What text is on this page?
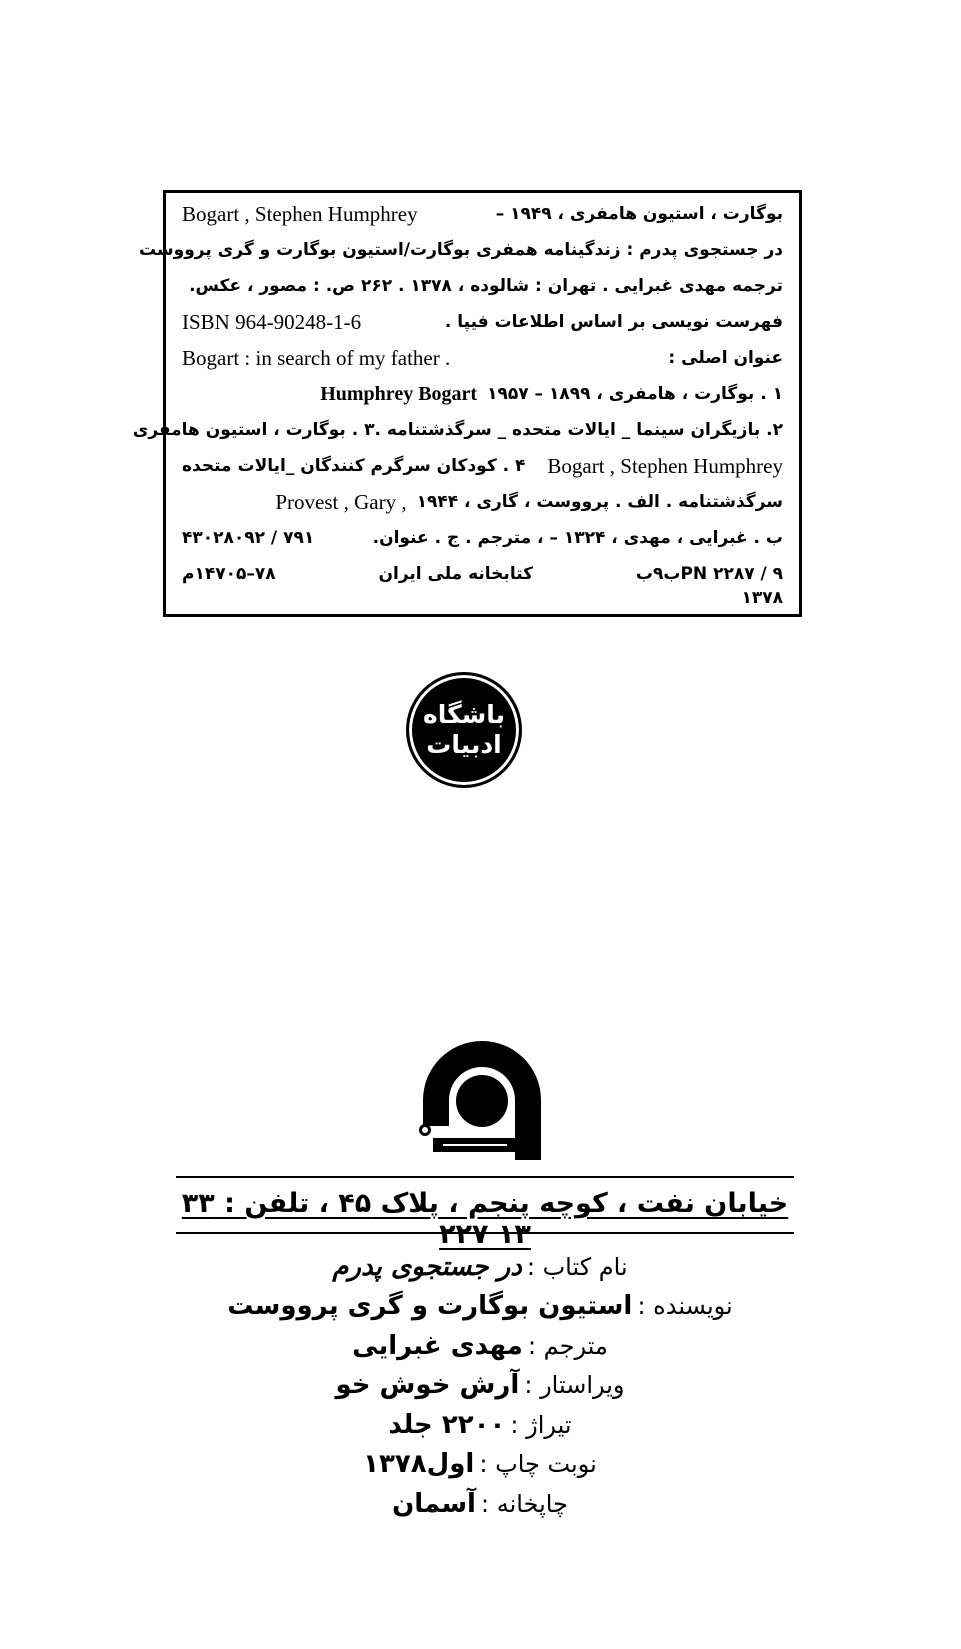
Bogart , Stephen Humphrey	بوگارت ، استیون هامفری ، ۱۹۴۹ –
در جستجوی پدرم : زندگینامه همفری بوگارت/استیون بوگارت و گری پرووست
ترجمه مهدی غبرایی . تهران : شالوده ، ۱۳۷۸ . ۲۶۲ ص. : مصور ، عکس.
ISBN 964-90248-1-6	فهرست نویسی بر اساس اطلاعات فیپا .
Bogart : in search of my father .	عنوان اصلی :
Humphrey Bogart ۱ . بوگارت ، هامفری ، ۱۸۹۹ – ۱۹۵۷
۲. بازیگران سینما _ ایالات متحده _ سرگذشتنامه .۳ . بوگارت ، استیون هامفری
۴ . کودکان سرگرم کنندگان _ایالات متحده Bogart , Stephen Humphrey
Provest , Gary , سرگذشتنامه . الف . پرووست ، گاری ، ۱۹۴۴
۷۹۱ / ۴۳۰۲۸۰۹۲	ب . غبرایی ، مهدی ، ۱۳۲۴ – ، مترجم . ج . عنوان.
۷۸–۱۴۷۰۵م	کتابخانه ملی ایران	PN ۲۲۸۷ / ۹ب۹ب
۱۳۷۸
باشگاه
ادبیات
خیابان نفت ، کوچه پنجم ، پلاک ۴۵ ، تلفن : ۳۳ ۱۳ ۲۲۷
نام کتاب : در جستجوی پدرم
نویسنده : استیون بوگارت و گری پرووست
مترجم : مهدی غبرایی
ویراستار : آرش خوش خو
تیراژ : ۲۲۰۰ جلد
نوبت چاپ : اول۱۳۷۸
چاپخانه : آسمان
